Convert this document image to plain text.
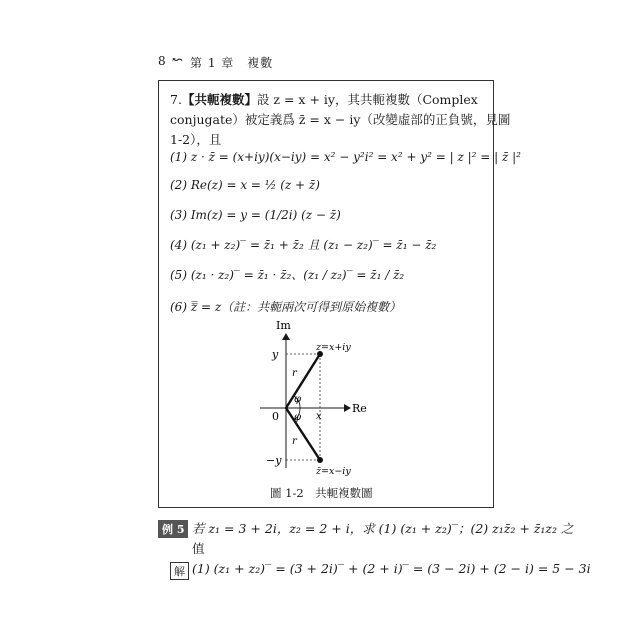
8 ↜ 第 1 章　複數
7.【共軛複數】設 z = x + iy，其共軛複數（Complex
conjugate）被定義爲 z̄ = x − iy（改變虛部的正負號，見圖
1-2），且
(1) z · z̄ = (x+iy)(x−iy) = x² − y²i² = x² + y² = | z |² = | z̄ |²
(2) Re(z) = x = ½ (z + z̄)
(3) Im(z) = y = (1/2i) (z − z̄)
(4) (z₁ + z₂)‾ = z̄₁ + z̄₂ 且 (z₁ − z₂)‾ = z̄₁ − z̄₂
(5) (z₁ · z₂)‾ = z̄₁ · z̄₂、(z₁ / z₂)‾ = z̄₁ / z̄₂
(6) z̿ = z（註：共軛兩次可得到原始複數）
Im
Re
0
y
−y
x
r
r
φ
φ
z=x+iy
z̄=x−iy
圖 1-2　共軛複數圖
例 5 若 z₁ = 3 + 2i，z₂ = 2 + i，求 (1) (z₁ + z₂)‾；(2) z₁z̄₂ + z̄₁z₂ 之
值
解 (1) (z₁ + z₂)‾ = (3 + 2i)‾ + (2 + i)‾ = (3 − 2i) + (2 − i) = 5 − 3i
